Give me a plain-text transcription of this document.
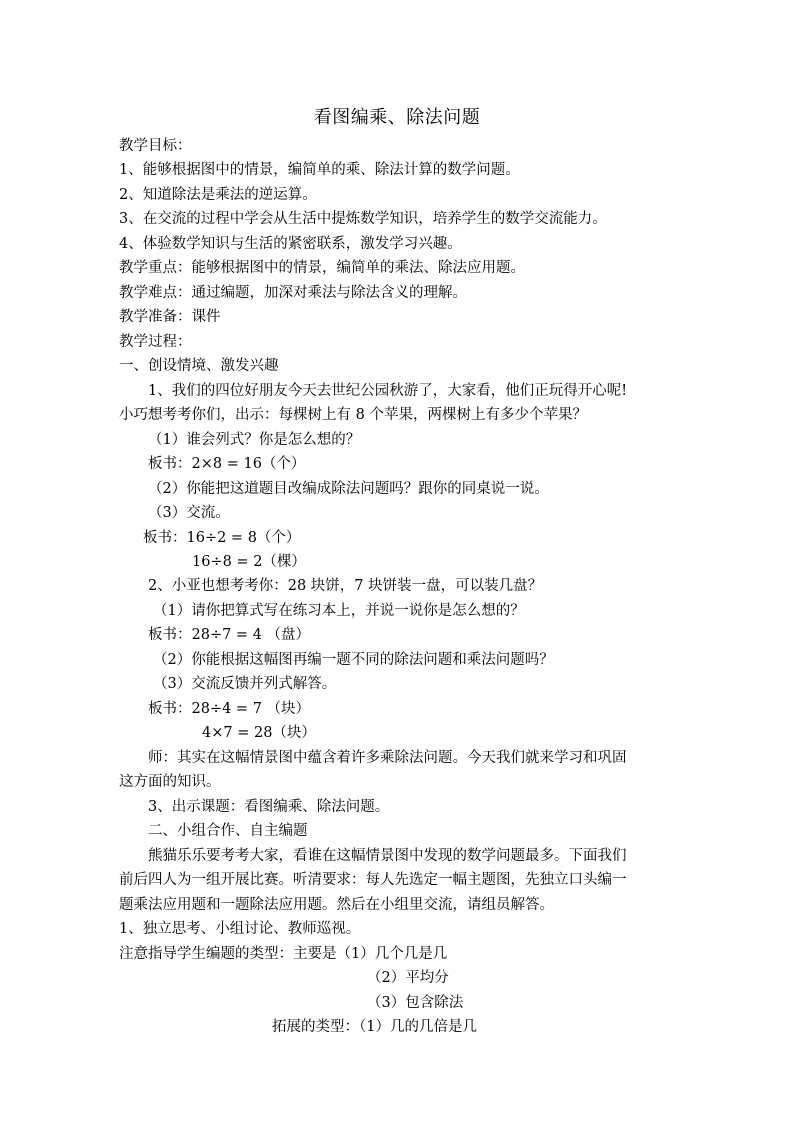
看图编乘、除法问题
教学目标：
1、能够根据图中的情景，编简单的乘、除法计算的数学问题。
2、知道除法是乘法的逆运算。
3、在交流的过程中学会从生活中提炼数学知识，培养学生的数学交流能力。
4、体验数学知识与生活的紧密联系，激发学习兴趣。
教学重点：能够根据图中的情景，编简单的乘法、除法应用题。
教学难点：通过编题，加深对乘法与除法含义的理解。
教学准备：课件
教学过程：
一、创设情境、激发兴趣
1、我们的四位好朋友今天去世纪公园秋游了，大家看，他们正玩得开心呢!
小巧想考考你们，出示：每棵树上有 8 个苹果，两棵树上有多少个苹果？
（1）谁会列式？你是怎么想的？
板书：2×8 = 16（个）
（2）你能把这道题目改编成除法问题吗？跟你的同桌说一说。
（3）交流。
板书：16÷2 = 8（个）
16÷8 = 2（棵）
2、小亚也想考考你：28 块饼，7 块饼装一盘，可以装几盘？
（1）请你把算式写在练习本上，并说一说你是怎么想的？
板书：28÷7 = 4 （盘）
（2）你能根据这幅图再编一题不同的除法问题和乘法问题吗？
（3）交流反馈并列式解答。
板书：28÷4 = 7 （块）
4×7 = 28（块）
师：其实在这幅情景图中蕴含着许多乘除法问题。今天我们就来学习和巩固
这方面的知识。
3、出示课题：看图编乘、除法问题。
二、小组合作、自主编题
熊猫乐乐要考考大家，看谁在这幅情景图中发现的数学问题最多。下面我们
前后四人为一组开展比赛。听清要求：每人先选定一幅主题图，先独立口头编一
题乘法应用题和一题除法应用题。然后在小组里交流，请组员解答。
1、独立思考、小组讨论、教师巡视。
注意指导学生编题的类型：主要是（1）几个几是几
（2）平均分
（3）包含除法
拓展的类型：（1）几的几倍是几
